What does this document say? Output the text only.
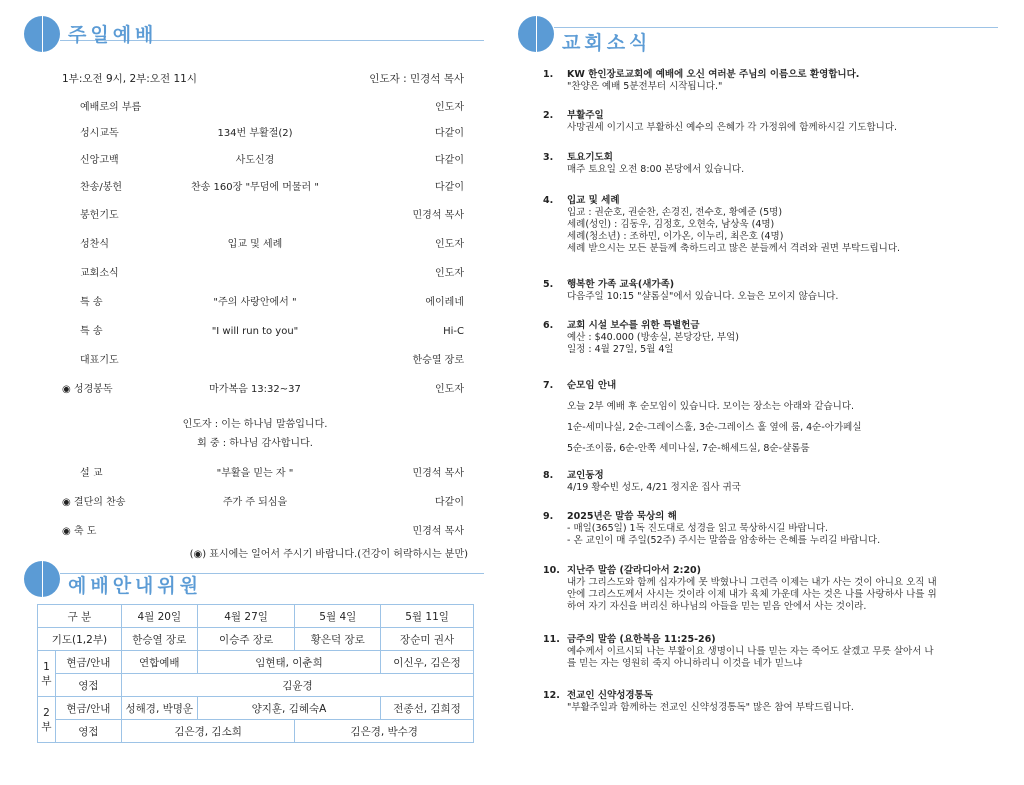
주일예배
1부:오전 9시, 2부:오전 11시	인도자 : 민경석 목사
예배로의 부름	인도자
성시교독	134번 부활절(2)	다같이
신앙고백	사도신경	다같이
찬송/봉헌	찬송 160장 "무덤에 머물러 "	다같이
봉헌기도	민경석 목사
성찬식	입교 및 세례	인도자
교회소식	인도자
특 송	"주의 사랑안에서 "	에이레네
특 송	"I will run to you"	Hi-C
대표기도	한승열 장로
◉ 성경봉독	마가복음 13:32~37	인도자
인도자 : 이는 하나님 말씀입니다.
회 중 : 하나님 감사합니다.
설 교	"부활을 믿는 자 "	민경석 목사
◉ 결단의 찬송	주가 주 되심을	다같이
◉ 축 도	민경석 목사
(◉) 표시에는 일어서 주시기 바랍니다.(건강이 허락하시는 분만)
예배안내위원
구 분		4월 20일	4월 27일	5월 4일	5월 11일
기도(1,2부)		한승열 장로	이승주 장로	황은덕 장로	장순미 권사
1부	현금/안내	연합예배	임현태, 이춘희		이신우, 김은정
	영접	김윤경			
2부	현금/안내	성해경, 박명운	양지훈, 김혜숙A		전종선, 김희정
	영접	김은경, 김소희		김은경, 박수경	
교회소식
1. KW 한인장로교회에 예배에 오신 여러분 주님의 이름으로 환영합니다.
"찬양은 예배 5분전부터 시작됩니다."
2. 부활주일
사망권세 이기시고 부활하신 예수의 은혜가 각 가정위에 함께하시길 기도합니다.
3. 토요기도회
매주 토요일 오전 8:00 본당에서 있습니다.
4. 입교 및 세례
입교 : 권순호, 권순찬, 손경진, 전수호, 황예준 (5명)
세례(성인) : 김동우, 김정호, 오현숙, 남상욱 (4명)
세례(청소년) : 조하민, 이가온, 이누리, 최은호 (4명)
세례 받으시는 모든 분들께 축하드리고 많은 분들께서 격려와 권면 부탁드립니다.
5. 행복한 가족 교육(새가족)
다음주일 10:15 "샬롬실"에서 있습니다. 오늘은 모이지 않습니다.
6. 교회 시설 보수를 위한 특별헌금
예산 : $40.000 (방송실, 본당강단, 부엌)
일정 : 4월 27일, 5월 4일
7. 순모임 안내
오늘 2부 예배 후 순모임이 있습니다. 모이는 장소는 아래와 같습니다.
1순-세미나실, 2순-그레이스홀, 3순-그레이스 홀 옆에 룸, 4순-아가페실
5순-조이룸, 6순-안쪽 세미나실, 7순-해세드실, 8순-샬롬룸
8. 교인동정
4/19 황수빈 성도, 4/21 정지운 집사 귀국
9. 2025년은 말씀 묵상의 해
- 매일(365일) 1독 진도대로 성경을 읽고 묵상하시길 바랍니다.
- 온 교인이 매 주일(52주) 주시는 말씀을 암송하는 은혜를 누리길 바랍니다.
10. 지난주 말씀 (갈라디아서 2:20)
내가 그리스도와 함께 십자가에 못 박혔나니 그런즉 이제는 내가 사는 것이 아니요 오직 내
안에 그리스도께서 사시는 것이라 이제 내가 육체 가운데 사는 것은 나를 사랑하사 나를 위
하여 자기 자신을 버리신 하나님의 아들을 믿는 믿음 안에서 사는 것이라.
11. 금주의 말씀 (요한복음 11:25-26)
예수께서 이르시되 나는 부활이요 생명이니 나를 믿는 자는 죽어도 살겠고 무릇 살아서 나
를 믿는 자는 영원히 죽지 아니하리니 이것을 네가 믿느냐
12. 전교인 신약성경통독
"부활주일과 함께하는 전교인 신약성경통독" 많은 참여 부탁드립니다.
